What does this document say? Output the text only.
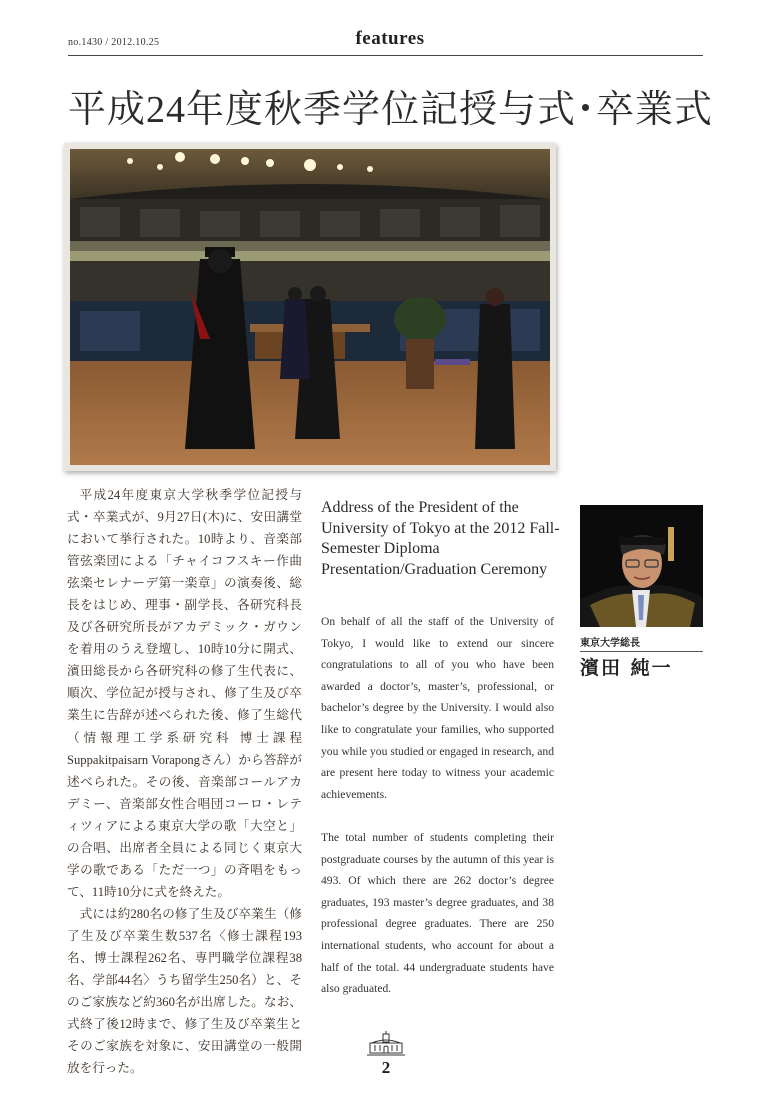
no.1430 / 2012.10.25	features
平成24年度秋季学位記授与式･卒業式

平成24年度東京大学秋季学位記授与式・卒業式が、9月27日(木)に、安田講堂において挙行された。10時より、音楽部管弦楽団による「チャイコフスキー作曲　弦楽セレナーデ第一楽章」の演奏後、総長をはじめ、理事・副学長、各研究科長及び各研究所長がアカデミック・ガウンを着用のうえ登壇し、10時10分に開式、濱田総長から各研究科の修了生代表に、順次、学位記が授与され、修了生及び卒業生に告辞が述べられた後、修了生総代（情報理工学系研究科 博士課程Suppakitpaisarn Vorapongさん）から答辞が述べられた。その後、音楽部コールアカデミー、音楽部女性合唱団コーロ・レティツィアによる東京大学の歌「大空と」の合唱、出席者全員による同じく東京大学の歌である「ただ一つ」の斉唱をもって、11時10分に式を終えた。

式には約280名の修了生及び卒業生（修了生及び卒業生数537名〈修士課程193名、博士課程262名、専門職学位課程38名、学部44名〉うち留学生250名）と、そのご家族など約360名が出席した。なお、式終了後12時まで、修了生及び卒業生とそのご家族を対象に、安田講堂の一般開放を行った。

Address of the President of the University of Tokyo at the 2012 Fall-Semester Diploma Presentation/Graduation Ceremony

On behalf of all the staff of the University of Tokyo, I would like to extend our sincere congratulations to all of you who have been awarded a doctor’s, master’s, professional, or bachelor’s degree by the University. I would also like to congratulate your families, who supported you while you studied or engaged in research, and are present here today to witness your academic achievements.

The total number of students completing their postgraduate courses by the autumn of this year is 493. Of which there are 262 doctor’s degree graduates, 193 master’s degree graduates, and 38 professional degree graduates. There are 250 international students, who account for about a half of the total. 44 undergraduate students have also graduated.

東京大学総長
濱田 純一
2
